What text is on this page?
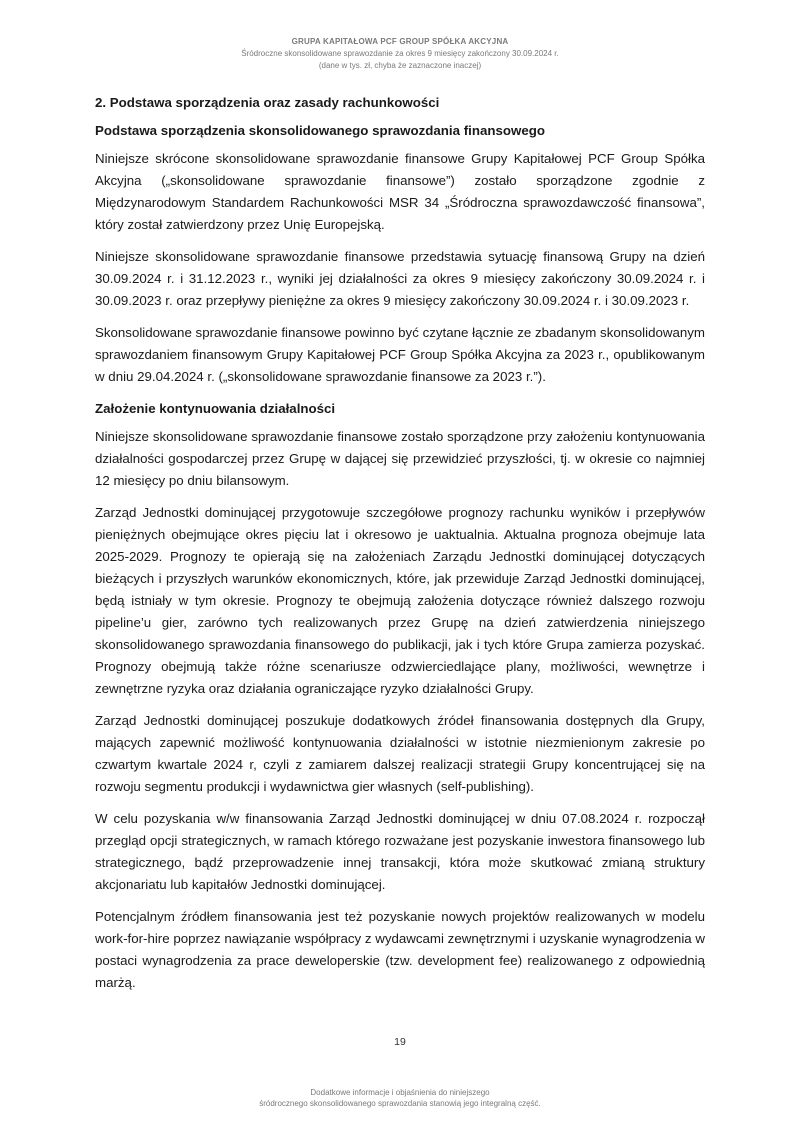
GRUPA KAPITAŁOWA PCF GROUP SPÓŁKA AKCYJNA
Śródroczne skonsolidowane sprawozdanie za okres 9 miesięcy zakończony 30.09.2024 r.
(dane w tys. zł, chyba że zaznaczone inaczej)
2. Podstawa sporządzenia oraz zasady rachunkowości
Podstawa sporządzenia skonsolidowanego sprawozdania finansowego

Niniejsze skrócone skonsolidowane sprawozdanie finansowe Grupy Kapitałowej PCF Group Spółka Akcyjna („skonsolidowane sprawozdanie finansowe”) zostało sporządzone zgodnie z Międzynarodowym Standardem Rachunkowości MSR 34 „Śródroczna sprawozdawczość finansowa”, który został zatwierdzony przez Unię Europejską.

Niniejsze skonsolidowane sprawozdanie finansowe przedstawia sytuację finansową Grupy na dzień 30.09.2024 r. i 31.12.2023 r., wyniki jej działalności za okres 9 miesięcy zakończony 30.09.2024 r. i 30.09.2023 r. oraz przepływy pieniężne za okres 9 miesięcy zakończony 30.09.2024 r. i 30.09.2023 r.

Skonsolidowane sprawozdanie finansowe powinno być czytane łącznie ze zbadanym skonsolidowanym sprawozdaniem finansowym Grupy Kapitałowej PCF Group Spółka Akcyjna za 2023 r., opublikowanym w dniu 29.04.2024 r. („skonsolidowane sprawozdanie finansowe za 2023 r.”).

Założenie kontynuowania działalności

Niniejsze skonsolidowane sprawozdanie finansowe zostało sporządzone przy założeniu kontynuowania działalności gospodarczej przez Grupę w dającej się przewidzieć przyszłości, tj. w okresie co najmniej 12 miesięcy po dniu bilansowym.

Zarząd Jednostki dominującej przygotowuje szczegółowe prognozy rachunku wyników i przepływów pieniężnych obejmujące okres pięciu lat i okresowo je uaktualnia. Aktualna prognoza obejmuje lata 2025-2029. Prognozy te opierają się na założeniach Zarządu Jednostki dominującej dotyczących bieżących i przyszłych warunków ekonomicznych, które, jak przewiduje Zarząd Jednostki dominującej, będą istniały w tym okresie. Prognozy te obejmują założenia dotyczące również dalszego rozwoju pipeline’u gier, zarówno tych realizowanych przez Grupę na dzień zatwierdzenia niniejszego skonsolidowanego sprawozdania finansowego do publikacji, jak i tych które Grupa zamierza pozyskać. Prognozy obejmują także różne scenariusze odzwierciedlające plany, możliwości, wewnętrze i zewnętrzne ryzyka oraz działania ograniczające ryzyko działalności Grupy.

Zarząd Jednostki dominującej poszukuje dodatkowych źródeł finansowania dostępnych dla Grupy, mających zapewnić możliwość kontynuowania działalności w istotnie niezmienionym zakresie po czwartym kwartale 2024 r, czyli z zamiarem dalszej realizacji strategii Grupy koncentrującej się na rozwoju segmentu produkcji i wydawnictwa gier własnych (self-publishing).

W celu pozyskania w/w finansowania Zarząd Jednostki dominującej w dniu 07.08.2024 r. rozpoczął przegląd opcji strategicznych, w ramach którego rozważane jest pozyskanie inwestora finansowego lub strategicznego, bądź przeprowadzenie innej transakcji, która może skutkować zmianą struktury akcjonariatu lub kapitałów Jednostki dominującej.

Potencjalnym źródłem finansowania jest też pozyskanie nowych projektów realizowanych w modelu work-for-hire poprzez nawiązanie współpracy z wydawcami zewnętrznymi i uzyskanie wynagrodzenia w postaci wynagrodzenia za prace deweloperskie (tzw. development fee) realizowanego z odpowiednią marżą.

19
Dodatkowe informacje i objaśnienia do niniejszego
śródrocznego skonsolidowanego sprawozdania stanowią jego integralną część.
